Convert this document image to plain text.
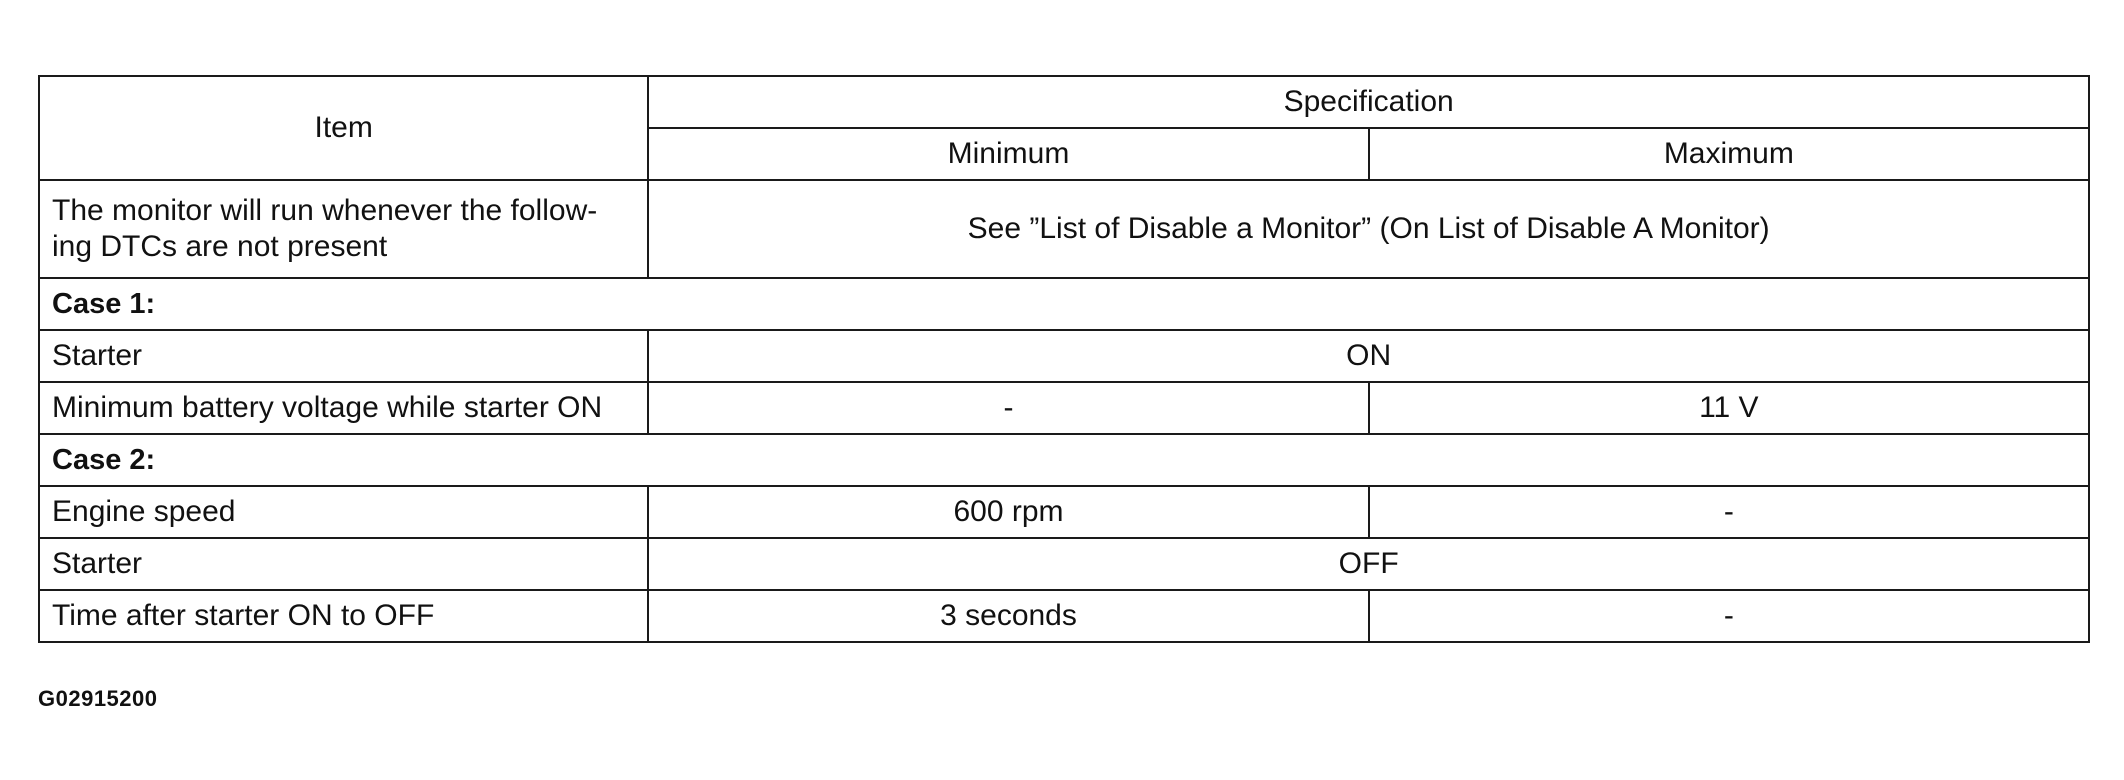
Item	Specification	
	Minimum	Maximum
The monitor will run whenever the follow-
ing DTCs are not present	See ”List of Disable a Monitor” (On List of Disable A Monitor)	
Case 1:		
Starter	ON	
Minimum battery voltage while starter ON	-	11 V
Case 2:		
Engine speed	600 rpm	-
Starter	OFF	
Time after starter ON to OFF	3 seconds	-
G02915200
